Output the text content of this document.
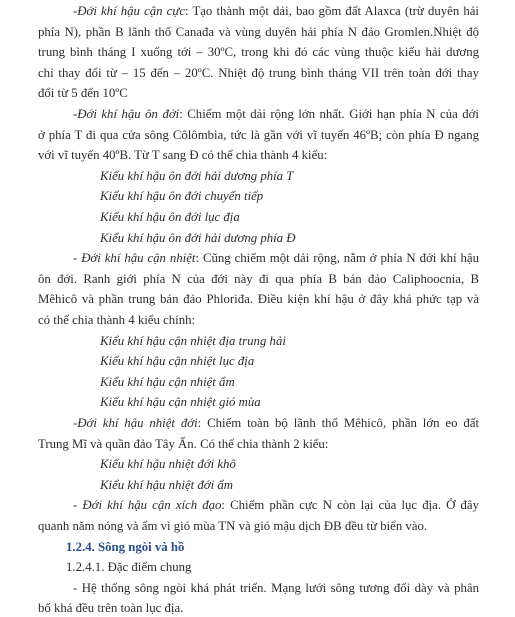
-Đới khí hậu cận cực: Tạo thành một dải, bao gồm đất Alaxca (trừ duyên hải
phía N), phần B lãnh thổ Canađa và vùng duyên hải phía N đảo Gromlen.Nhiệt độ
trung bình tháng I xuống tới – 30ºC, trong khi đó các vùng thuộc kiểu hải dương
chỉ thay đổi từ – 15 đến – 20ºC. Nhiệt độ trung bình tháng VII trên toàn đới thay
đổi từ 5 đến 10ºC
-Đới khí hậu ôn đới: Chiếm một dải rộng lớn nhất. Giới hạn phía N của đới
ở phía T đi qua cửa sông Côlômbia, tức là gần với vĩ tuyến 46ºB; còn phía Đ ngang
với vĩ tuyến 40ºB. Từ T sang Đ có thể chia thành 4 kiểu:
Kiểu khí hậu ôn đới hải dương phía T
Kiểu khí hậu ôn đới chuyển tiếp
Kiểu khí hậu ôn đới lục địa
Kiểu khí hậu ôn đới hải dương phía Đ
- Đới khí hậu cận nhiệt: Cũng chiếm một dải rộng, nằm ở phía N đới khí hậu
ôn đới. Ranh giới phía N của đới này đi qua phía B bán đảo Caliphoocnia, B
Mêhicô và phần trung bán đảo Phloriđa. Điều kiện khí hậu ở đây khá phức tạp và
có thể chia thành 4 kiểu chính:
Kiểu khí hậu cận nhiệt địa trung hải
Kiểu khí hậu cận nhiệt lục địa
Kiểu khí hậu cận nhiệt ẩm
Kiểu khí hậu cận nhiệt gió mùa
-Đới khí hậu nhiệt đới: Chiếm toàn bộ lãnh thổ Mêhicô, phần lớn eo đất
Trung Mĩ và quần đảo Tây Ấn. Có thể chia thành 2 kiểu:
Kiểu khí hậu nhiệt đới khô
Kiểu khí hậu nhiệt đới ẩm
- Đới khí hậu cận xích đạo: Chiếm phần cực N còn lại của lục địa. Ở đây
quanh năm nóng và ẩm vì gió mùa TN và gió mậu dịch ĐB đều từ biển vào.
1.2.4. Sông ngòi và hồ
1.2.4.1. Đặc điểm chung
- Hệ thống sông ngòi khá phát triển. Mạng lưới sông tương đối dày và phân
bố khá đều trên toàn lục địa.
